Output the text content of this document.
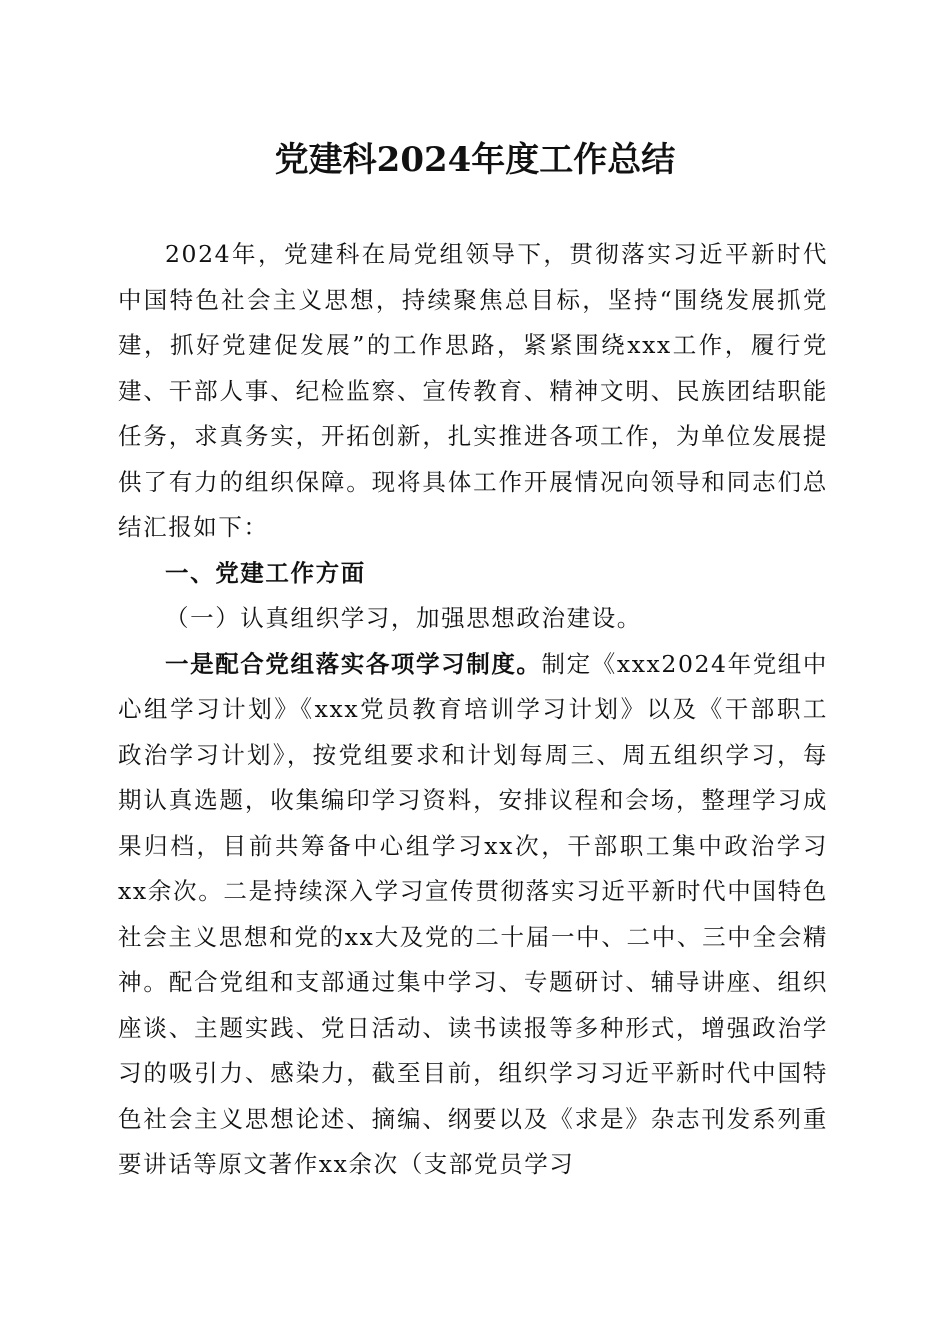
党建科2024年度工作总结

2024年，党建科在局党组领导下，贯彻落实习近平新时代中国特色社会主义思想，持续聚焦总目标，坚持“围绕发展抓党建，抓好党建促发展”的工作思路，紧紧围绕xxx工作，履行党建、干部人事、纪检监察、宣传教育、精神文明、民族团结职能任务，求真务实，开拓创新，扎实推进各项工作，为单位发展提供了有力的组织保障。现将具体工作开展情况向领导和同志们总结汇报如下：

一、党建工作方面

（一）认真组织学习，加强思想政治建设。

一是配合党组落实各项学习制度。制定《xxx2024年党组中心组学习计划》《xxx党员教育培训学习计划》以及《干部职工政治学习计划》，按党组要求和计划每周三、周五组织学习，每期认真选题，收集编印学习资料，安排议程和会场，整理学习成果归档，目前共筹备中心组学习xx次，干部职工集中政治学习xx余次。二是持续深入学习宣传贯彻落实习近平新时代中国特色社会主义思想和党的xx大及党的二十届一中、二中、三中全会精神。配合党组和支部通过集中学习、专题研讨、辅导讲座、组织座谈、主题实践、党日活动、读书读报等多种形式，增强政治学习的吸引力、感染力，截至目前，组织学习习近平新时代中国特色社会主义思想论述、摘编、纲要以及《求是》杂志刊发系列重要讲话等原文著作xx余次（支部党员学习
